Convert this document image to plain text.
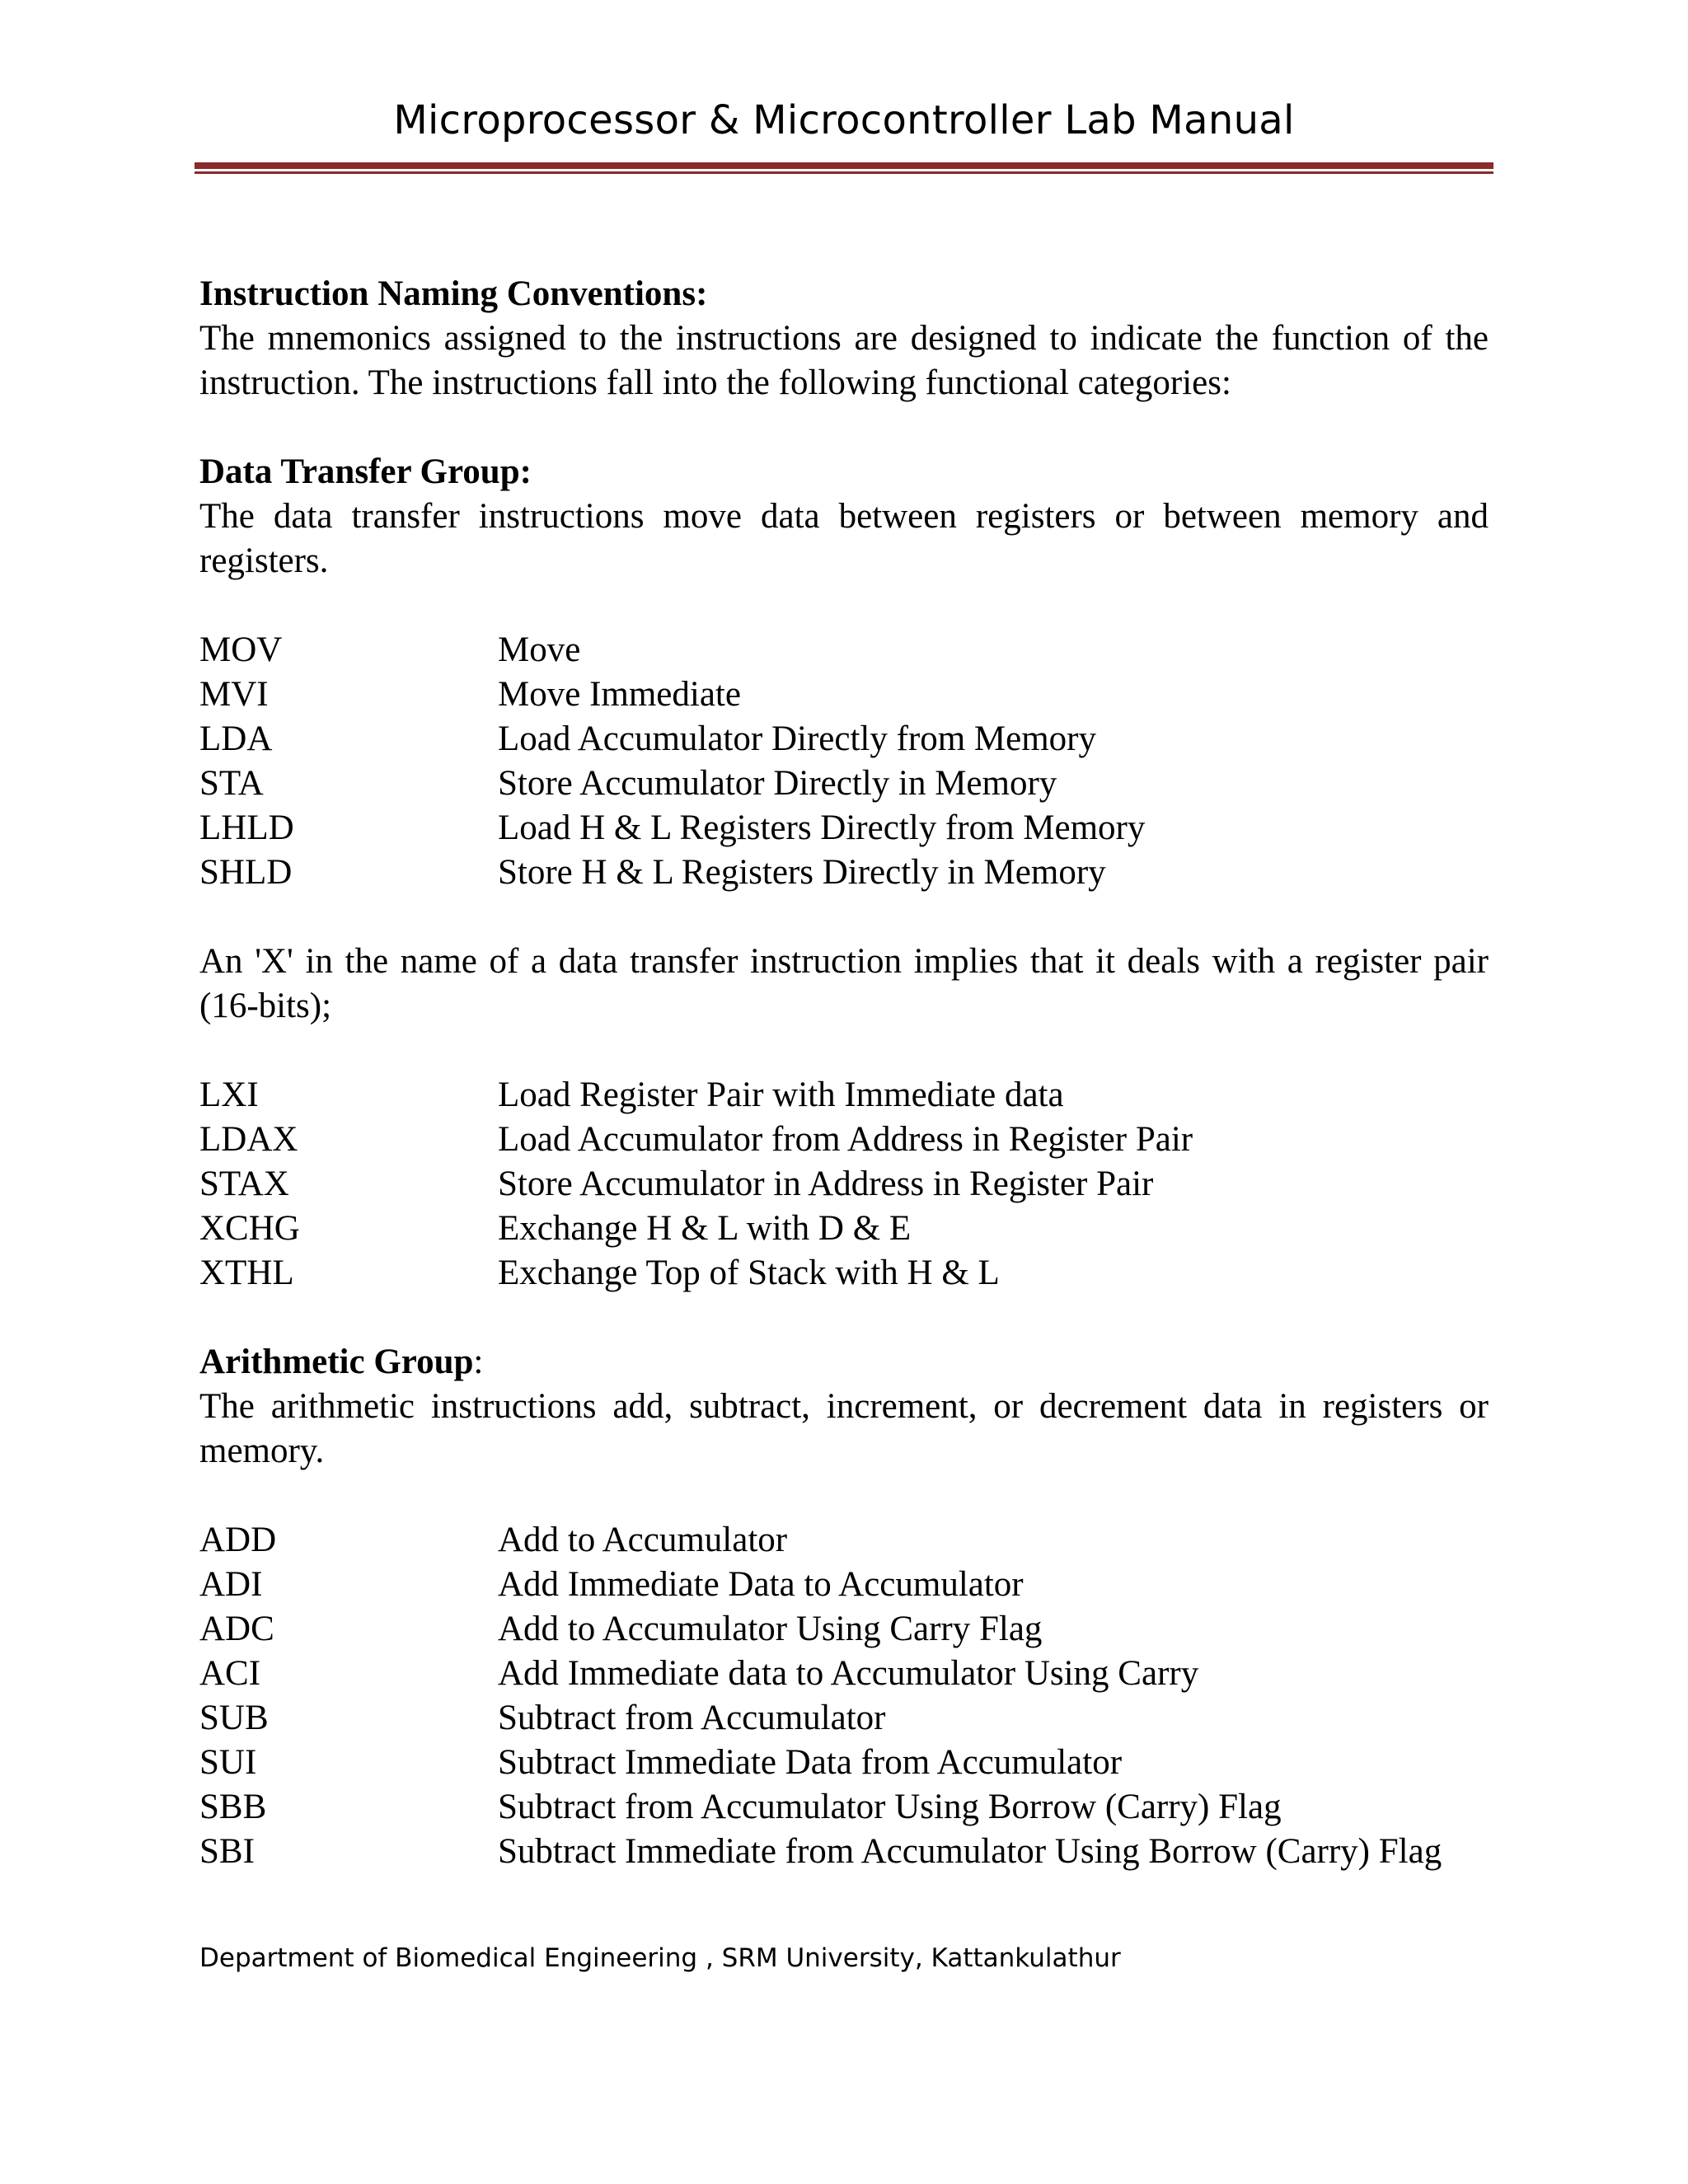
Microprocessor & Microcontroller Lab Manual
Instruction Naming Conventions:
The mnemonics assigned to the instructions are designed to indicate the function of the instruction. The instructions fall into the following functional categories:
Data Transfer Group:
The data transfer instructions move data between registers or between memory and registers.
MOV	Move
MVI	Move Immediate
LDA	Load Accumulator Directly from Memory
STA	Store Accumulator Directly in Memory
LHLD	Load H & L Registers Directly from Memory
SHLD	Store H & L Registers Directly in Memory
An 'X' in the name of a data transfer instruction implies that it deals with a register pair (16-bits);
LXI	Load Register Pair with Immediate data
LDAX	Load Accumulator from Address in Register Pair
STAX	Store Accumulator in Address in Register Pair
XCHG	Exchange H & L with D & E
XTHL	Exchange Top of Stack with H & L
Arithmetic Group:
The arithmetic instructions add, subtract, increment, or decrement data in registers or memory.
ADD	Add to Accumulator
ADI	Add Immediate Data to Accumulator
ADC	Add to Accumulator Using Carry Flag
ACI	Add Immediate data to Accumulator Using Carry
SUB	Subtract from Accumulator
SUI	Subtract Immediate Data from Accumulator
SBB	Subtract from Accumulator Using Borrow (Carry) Flag
SBI	Subtract Immediate from Accumulator Using Borrow (Carry) Flag
Department of Biomedical Engineering , SRM University, Kattankulathur
